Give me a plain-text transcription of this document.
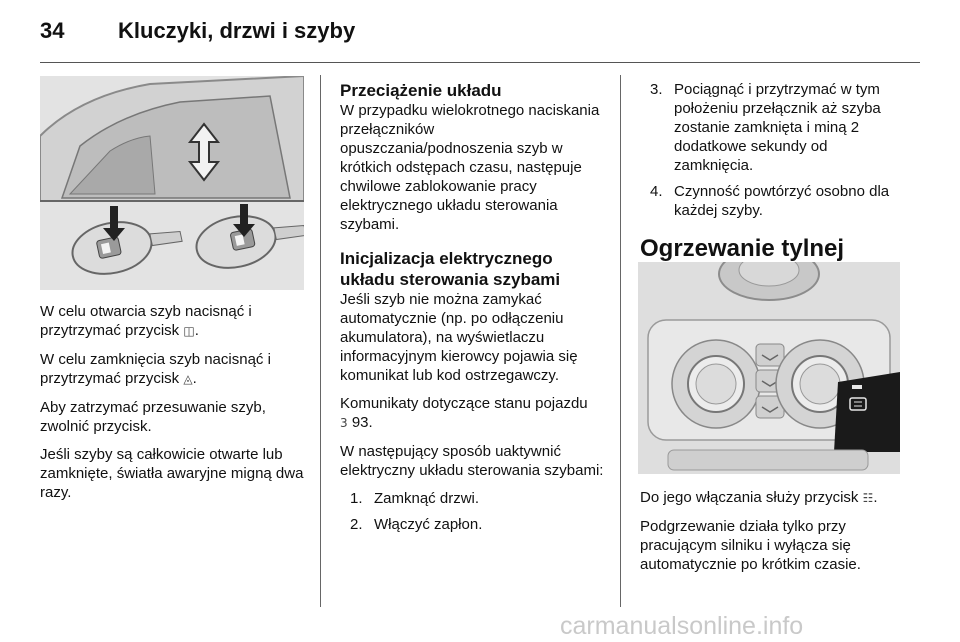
34 Kluczyki, drzwi i szyby

W celu otwarcia szyb nacisnąć i przytrzymać przycisk ◫.

W celu zamknięcia szyb nacisnąć i przytrzymać przycisk ◬.

Aby zatrzymać przesuwanie szyb, zwolnić przycisk.

Jeśli szyby są całkowicie otwarte lub zamknięte, światła awaryjne migną dwa razy.

Przeciążenie układu

W przypadku wielokrotnego naciskania przełączników opuszczania/podnoszenia szyb w krótkich odstępach czasu, następuje chwilowe zablokowanie pracy elektrycznego układu sterowania szybami.

Inicjalizacja elektrycznego układu sterowania szybami

Jeśli szyb nie można zamykać automatycznie (np. po odłączeniu akumulatora), na wyświetlaczu informacyjnym kierowcy pojawia się komunikat lub kod ostrzegawczy.

Komunikaty dotyczące stanu pojazdu
3 93.

W następujący sposób uaktywnić elektryczny układu sterowania szybami:

1. Zamknąć drzwi.
2. Włączyć zapłon.
3. Pociągnąć i przytrzymać w tym położeniu przełącznik aż szyba zostanie zamknięta i miną 2 dodatkowe sekundy od zamknięcia.
4. Czynność powtórzyć osobno dla każdej szyby.
Ogrzewanie tylnej

Do jego włączania służy przycisk ☷.

Podgrzewanie działa tylko przy pracującym silniku i wyłącza się automatycznie po krótkim czasie.

carmanualsonline.info
